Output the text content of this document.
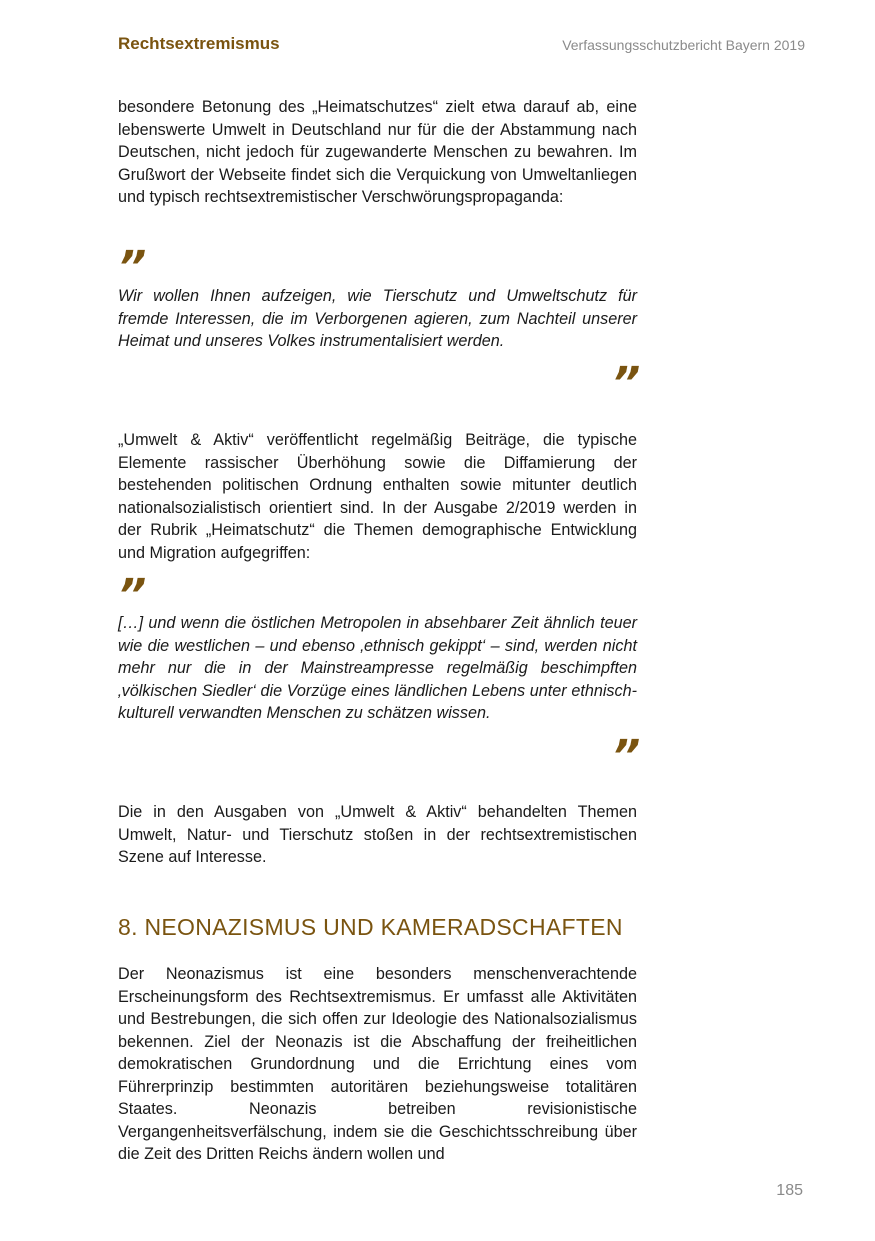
Rechtsextremismus	Verfassungsschutzbericht Bayern 2019

besondere Betonung des „Heimatschutzes“ zielt etwa darauf ab, eine lebenswerte Umwelt in Deutschland nur für die der Abstammung nach Deutschen, nicht jedoch für zugewanderte Menschen zu bewahren. Im Grußwort der Webseite findet sich die Verquickung von Umweltanliegen und typisch rechtsextremistischer Verschwörungspropaganda:

”

Wir wollen Ihnen aufzeigen, wie Tierschutz und Umweltschutz für fremde Interessen, die im Verborgenen agieren, zum Nachteil unserer Heimat und unseres Volkes instrumentalisiert werden.

”

„Umwelt & Aktiv“ veröffentlicht regelmäßig Beiträge, die typische Elemente rassischer Überhöhung sowie die Diffamierung der bestehenden politischen Ordnung enthalten sowie mitunter deutlich nationalsozialistisch orientiert sind. In der Ausgabe 2/2019 werden in der Rubrik „Heimatschutz“ die Themen demographische Entwicklung und Migration aufgegriffen:

”

[…] und wenn die östlichen Metropolen in absehbarer Zeit ähnlich teuer wie die westlichen – und ebenso ‚ethnisch gekippt‘ – sind, werden nicht mehr nur die in der Mainstreampresse regelmäßig beschimpften ‚völkischen Siedler‘ die Vorzüge eines ländlichen Lebens unter ethnisch-kulturell verwandten Menschen zu schätzen wissen.

”

Die in den Ausgaben von „Umwelt & Aktiv“ behandelten Themen Umwelt, Natur- und Tierschutz stoßen in der rechtsextremistischen Szene auf Interesse.

8. NEONAZISMUS UND KAMERADSCHAFTEN

Der Neonazismus ist eine besonders menschenverachtende Erscheinungsform des Rechtsextremismus. Er umfasst alle Aktivitäten und Bestrebungen, die sich offen zur Ideologie des Nationalsozialismus bekennen. Ziel der Neonazis ist die Abschaffung der freiheitlichen demokratischen Grundordnung und die Errichtung eines vom Führerprinzip bestimmten autoritären beziehungsweise totalitären Staates. Neonazis betreiben revisionistische Vergangenheitsverfälschung, indem sie die Geschichtsschreibung über die Zeit des Dritten Reichs ändern wollen und

185
